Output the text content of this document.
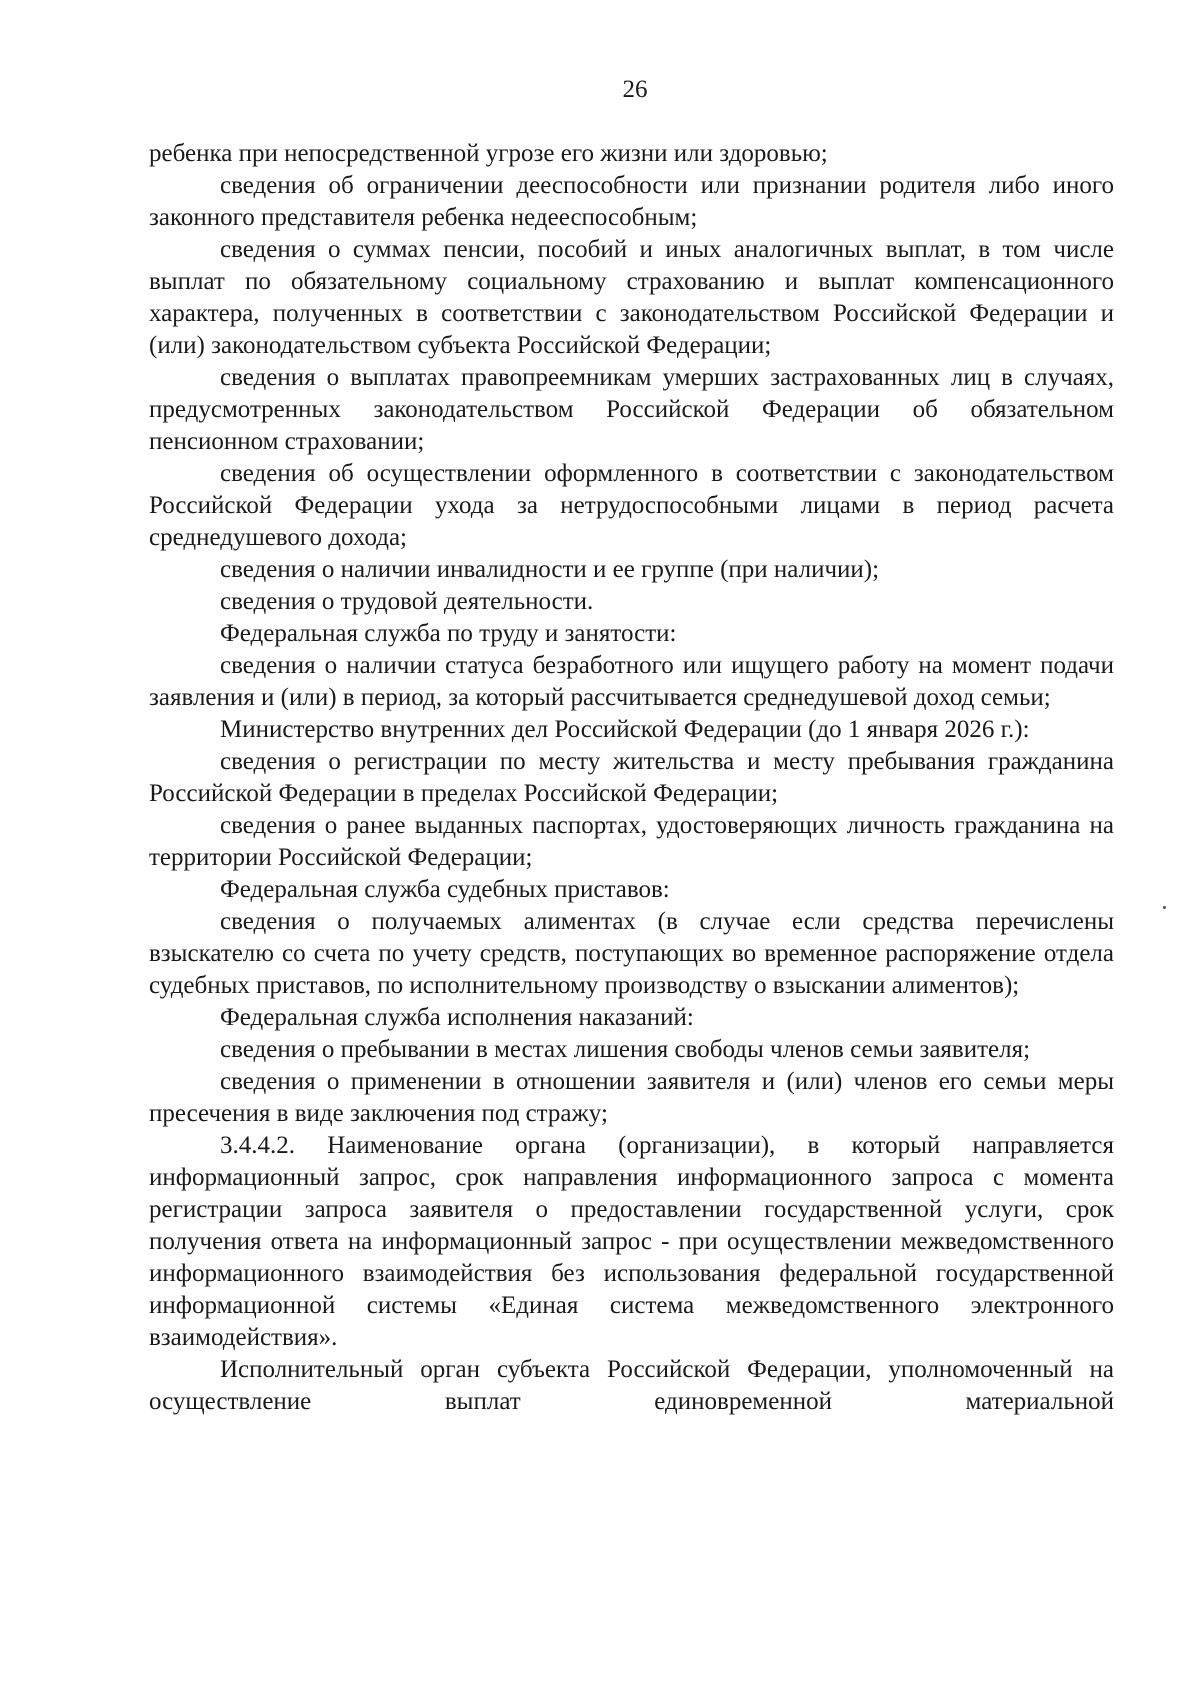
26

ребенка при непосредственной угрозе его жизни или здоровью;

сведения об ограничении дееспособности или признании родителя либо иного законного представителя ребенка недееспособным;

сведения о суммах пенсии, пособий и иных аналогичных выплат, в том числе выплат по обязательному социальному страхованию и выплат компенсационного характера, полученных в соответствии с законодательством Российской Федерации и (или) законодательством субъекта Российской Федерации;

сведения о выплатах правопреемникам умерших застрахованных лиц в случаях, предусмотренных законодательством Российской Федерации об обязательном пенсионном страховании;

сведения об осуществлении оформленного в соответствии с законодательством Российской Федерации ухода за нетрудоспособными лицами в период расчета среднедушевого дохода;

сведения о наличии инвалидности и ее группе (при наличии);

сведения о трудовой деятельности.

Федеральная служба по труду и занятости:

сведения о наличии статуса безработного или ищущего работу на момент подачи заявления и (или) в период, за который рассчитывается среднедушевой доход семьи;

Министерство внутренних дел Российской Федерации (до 1 января 2026 г.):

сведения о регистрации по месту жительства и месту пребывания гражданина Российской Федерации в пределах Российской Федерации;

сведения о ранее выданных паспортах, удостоверяющих личность гражданина на территории Российской Федерации;

Федеральная служба судебных приставов:

сведения о получаемых алиментах (в случае если средства перечислены взыскателю со счета по учету средств, поступающих во временное распоряжение отдела судебных приставов, по исполнительному производству о взыскании алиментов);

Федеральная служба исполнения наказаний:

сведения о пребывании в местах лишения свободы членов семьи заявителя;

сведения о применении в отношении заявителя и (или) членов его семьи меры пресечения в виде заключения под стражу;

3.4.4.2. Наименование органа (организации), в который направляется информационный запрос, срок направления информационного запроса с момента регистрации запроса заявителя о предоставлении государственной услуги, срок получения ответа на информационный запрос - при осуществлении межведомственного информационного взаимодействия без использования федеральной государственной информационной системы «Единая система межведомственного электронного взаимодействия».

Исполнительный орган субъекта Российской Федерации, уполномоченный на осуществление выплат единовременной материальной
